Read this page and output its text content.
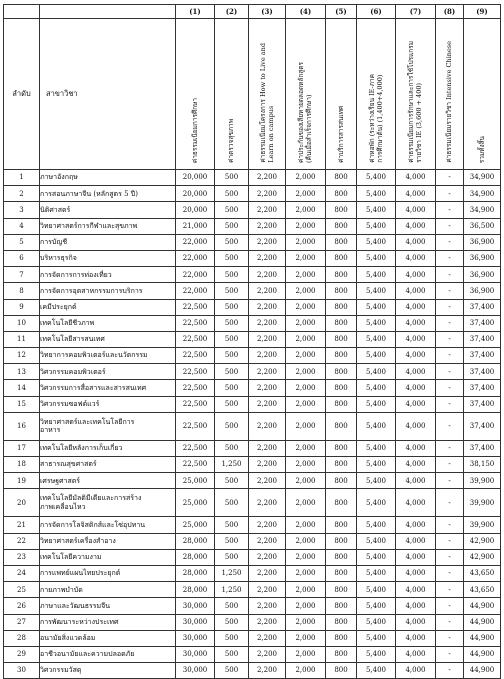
		(1)	(2)	(3)	(4)	(5)	(6)	(7)	(8)	(9)
ลำดับ	สาขาวิชา	ค่าธรรมเนียมการศึกษา	ค่าตรวจสุขภาพ	ค่าธรรมเนียมโครงการ How to Live and
Learn on campus	ค่าประกันของเสียหายตลอดหลักสูตร
(คืนเมื่อสำเร็จการศึกษา)	ค่าบริการสารสนเทศ	ค่าหอพัก (ระหว่างเรียน IE-ภาค
การศึกษาต้น) (1,400+4,000)	ค่าธรรมเนียมการรักษาและการใช้โปรแกรม
รายวิชา IE (3,600 + 400)	ค่าธรรมเนียมรายวิชา Intensive Chinese	รวมทั้งสิ้น
1	ภาษาอังกฤษ	20,000	500	2,200	2,000	800	5,400	4,000	-	34,900
2	การสอนภาษาจีน (หลักสูตร 5 ปี)	20,000	500	2,200	2,000	800	5,400	4,000	-	34,900
3	นิติศาสตร์	20,000	500	2,200	2,000	800	5,400	4,000	-	34,900
4	วิทยาศาสตร์การกีฬาและสุขภาพ	21,000	500	2,200	2,000	800	5,400	4,000	-	36,500
5	การบัญชี	22,000	500	2,200	2,000	800	5,400	4,000	-	36,900
6	บริหารธุรกิจ	22,000	500	2,200	2,000	800	5,400	4,000	-	36,900
7	การจัดการการท่องเที่ยว	22,000	500	2,200	2,000	800	5,400	4,000	-	36,900
8	การจัดการอุตสาหกรรมการบริการ	22,000	500	2,200	2,000	800	5,400	4,000	-	36,900
9	เคมีประยุกต์	22,500	500	2,200	2,000	800	5,400	4,000	-	37,400
10	เทคโนโลยีชีวภาพ	22,500	500	2,200	2,000	800	5,400	4,000	-	37,400
11	เทคโนโลยีสารสนเทศ	22,500	500	2,200	2,000	800	5,400	4,000	-	37,400
12	วิทยาการคอมพิวเตอร์และนวัตกรรม	22,500	500	2,200	2,000	800	5,400	4,000	-	37,400
13	วิศวกรรมคอมพิวเตอร์	22,500	500	2,200	2,000	800	5,400	4,000	-	37,400
14	วิศวกรรมการสื่อสารและสารสนเทศ	22,500	500	2,200	2,000	800	5,400	4,000	-	37,400
15	วิศวกรรมซอฟต์แวร์	22,500	500	2,200	2,000	800	5,400	4,000	-	37,400
16	วิทยาศาสตร์และเทคโนโลยีการ
อาหาร	22,500	500	2,200	2,000	800	5,400	4,000	-	37,400
17	เทคโนโลยีหลังการเก็บเกี่ยว	22,500	500	2,200	2,000	800	5,400	4,000	-	37,400
18	สาธารณสุขศาสตร์	22,500	1,250	2,200	2,000	800	5,400	4,000	-	38,150
19	เศรษฐศาสตร์	25,000	500	2,200	2,000	800	5,400	4,000	-	39,900
20	เทคโนโลยีมัลติมีเดียและการสร้าง
ภาพเคลื่อนไหว	25,000	500	2,200	2,000	800	5,400	4,000	-	39,900
21	การจัดการโลจิสติกส์และโซ่อุปทาน	25,000	500	2,200	2,000	800	5,400	4,000	-	39,900
22	วิทยาศาสตร์เครื่องสำอาง	28,000	500	2,200	2,000	800	5,400	4,000	-	42,900
23	เทคโนโลยีความงาม	28,000	500	2,200	2,000	800	5,400	4,000	-	42,900
24	การแพทย์แผนไทยประยุกต์	28,000	1,250	2,200	2,000	800	5,400	4,000	-	43,650
25	กายภาพบำบัด	28,000	1,250	2,200	2,000	800	5,400	4,000	-	43,650
26	ภาษาและวัฒนธรรมจีน	30,000	500	2,200	2,000	800	5,400	4,000	-	44,900
27	การพัฒนาระหว่างประเทศ	30,000	500	2,200	2,000	800	5,400	4,000	-	44,900
28	อนามัยสิ่งแวดล้อม	30,000	500	2,200	2,000	800	5,400	4,000	-	44,900
29	อาชีวอนามัยและความปลอดภัย	30,000	500	2,200	2,000	800	5,400	4,000	-	44,900
30	วิศวกรรมวัสดุ	30,000	500	2,200	2,000	800	5,400	4,000	-	44,900
